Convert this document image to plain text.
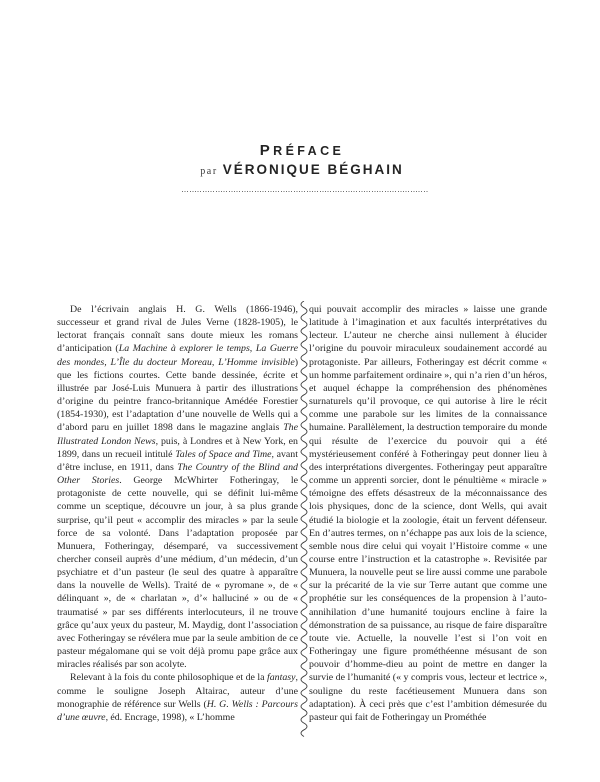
PRÉFACE
par VÉRONIQUE BÉGHAIN

De l’écrivain anglais H. G. Wells (1866-1946), successeur et grand rival de Jules Verne (1828-1905), le lectorat français connaît sans doute mieux les romans d’anticipation (La Machine à explorer le temps, La Guerre des mondes, L’Île du docteur Moreau, L’Homme invisible) que les fictions courtes. Cette bande dessinée, écrite et illustrée par José-Luis Munuera à partir des illustrations d’origine du peintre franco-britannique Amédée Forestier (1854-1930), est l’adaptation d’une nouvelle de Wells qui a d’abord paru en juillet 1898 dans le magazine anglais The Illustrated London News, puis, à Londres et à New York, en 1899, dans un recueil intitulé Tales of Space and Time, avant d’être incluse, en 1911, dans The Country of the Blind and Other Stories. George McWhirter Fotheringay, le protagoniste de cette nouvelle, qui se définit lui-même comme un sceptique, découvre un jour, à sa plus grande surprise, qu’il peut « accomplir des miracles » par la seule force de sa volonté. Dans l’adaptation proposée par Munuera, Fotheringay, désemparé, va successivement chercher conseil auprès d’une médium, d’un médecin, d’un psychiatre et d’un pasteur (le seul des quatre à apparaître dans la nouvelle de Wells). Traité de « pyromane », de « délinquant », de « charlatan », d’« halluciné » ou de « traumatisé » par ses différents interlocuteurs, il ne trouve grâce qu’aux yeux du pasteur, M. Maydig, dont l’association avec Fotheringay se révélera mue par la seule ambition de ce pasteur mégalomane qui se voit déjà promu pape grâce aux miracles réalisés par son acolyte.

Relevant à la fois du conte philosophique et de la fantasy, comme le souligne Joseph Altairac, auteur d’une monographie de référence sur Wells (H. G. Wells : Parcours d’une œuvre, éd. Encrage, 1998), « L’homme

qui pouvait accomplir des miracles » laisse une grande latitude à l’imagination et aux facultés interprétatives du lecteur. L’auteur ne cherche ainsi nullement à élucider l’origine du pouvoir miraculeux soudainement accordé au protagoniste. Par ailleurs, Fotheringay est décrit comme « un homme parfaitement ordinaire », qui n’a rien d’un héros, et auquel échappe la compréhension des phénomènes surnaturels qu’il provoque, ce qui autorise à lire le récit comme une parabole sur les limites de la connaissance humaine. Parallèlement, la destruction temporaire du monde qui résulte de l’exercice du pouvoir qui a été mystérieusement conféré à Fotheringay peut donner lieu à des interprétations divergentes. Fotheringay peut apparaître comme un apprenti sorcier, dont le pénultième « miracle » témoigne des effets désastreux de la méconnaissance des lois physiques, donc de la science, dont Wells, qui avait étudié la biologie et la zoologie, était un fervent défenseur. En d’autres termes, on n’échappe pas aux lois de la science, semble nous dire celui qui voyait l’Histoire comme « une course entre l’instruction et la catastrophe ». Revisitée par Munuera, la nouvelle peut se lire aussi comme une parabole sur la précarité de la vie sur Terre autant que comme une prophétie sur les conséquences de la propension à l’auto-annihilation d’une humanité toujours encline à faire la démonstration de sa puissance, au risque de faire disparaître toute vie. Actuelle, la nouvelle l’est si l’on voit en Fotheringay une figure prométhéenne mésusant de son pouvoir d’homme-dieu au point de mettre en danger la survie de l’humanité (« y compris vous, lecteur et lectrice », souligne du reste facétieusement Munuera dans son adaptation). À ceci près que c’est l’ambition démesurée du pasteur qui fait de Fotheringay un Prométhée
